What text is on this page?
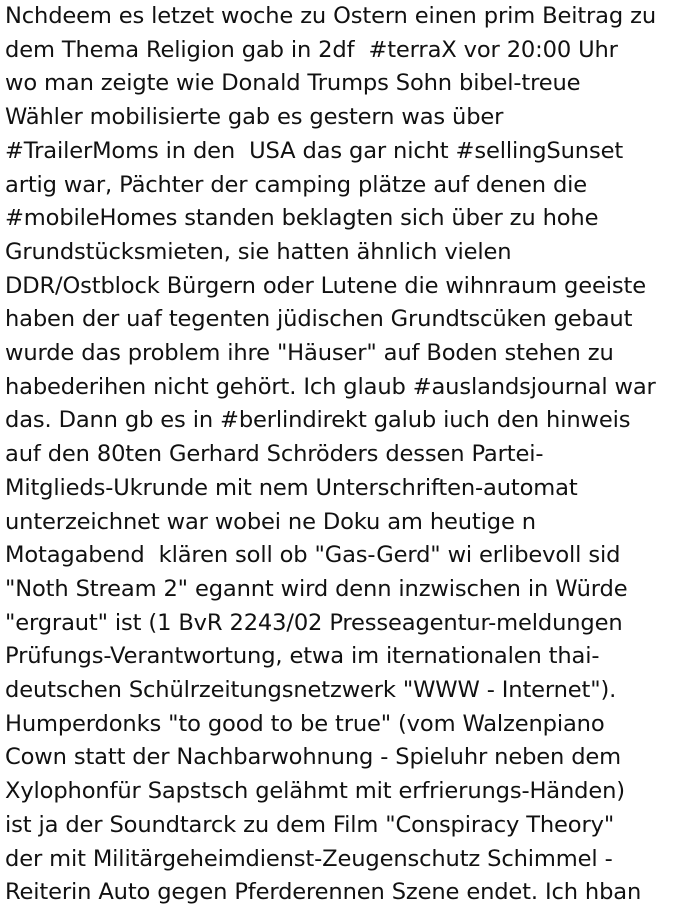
Nchdeem es letzet woche zu Ostern einen prim Beitrag zu
dem Thema Religion gab in 2df  #terraX vor 20:00 Uhr
wo man zeigte wie Donald Trumps Sohn bibel-treue
Wähler mobilisierte gab es gestern was über
#TrailerMoms in den  USA das gar nicht #sellingSunset
artig war, Pächter der camping plätze auf denen die
#mobileHomes standen beklagten sich über zu hohe
Grundstücksmieten, sie hatten ähnlich vielen
DDR/Ostblock Bürgern oder Lutene die wihnraum geeiste
haben der uaf tegenten jüdischen Grundtscüken gebaut
wurde das problem ihre "Häuser" auf Boden stehen zu
habederihen nicht gehört. Ich glaub #auslandsjournal war
das. Dann gb es in #berlindirekt galub iuch den hinweis
auf den 80ten Gerhard Schröders dessen Partei-
Mitglieds-Ukrunde mit nem Unterschriften-automat
unterzeichnet war wobei ne Doku am heutige n
Motagabend  klären soll ob "Gas-Gerd" wi erlibevoll sid
"Noth Stream 2" egannt wird denn inzwischen in Würde
"ergraut" ist (1 BvR 2243/02 Presseagentur-meldungen
Prüfungs-Verantwortung, etwa im iternationalen thai-
deutschen Schülrzeitungsnetzwerk "WWW - Internet").
Humperdonks "to good to be true" (vom Walzenpiano
Cown statt der Nachbarwohnung - Spieluhr neben dem
Xylophonfür Sapstsch gelähmt mit erfrierungs-Händen)
ist ja der Soundtarck zu dem Film "Conspiracy Theory"
der mit Militärgeheimdienst-Zeugenschutz Schimmel -
Reiterin Auto gegen Pferderennen Szene endet. Ich hban
